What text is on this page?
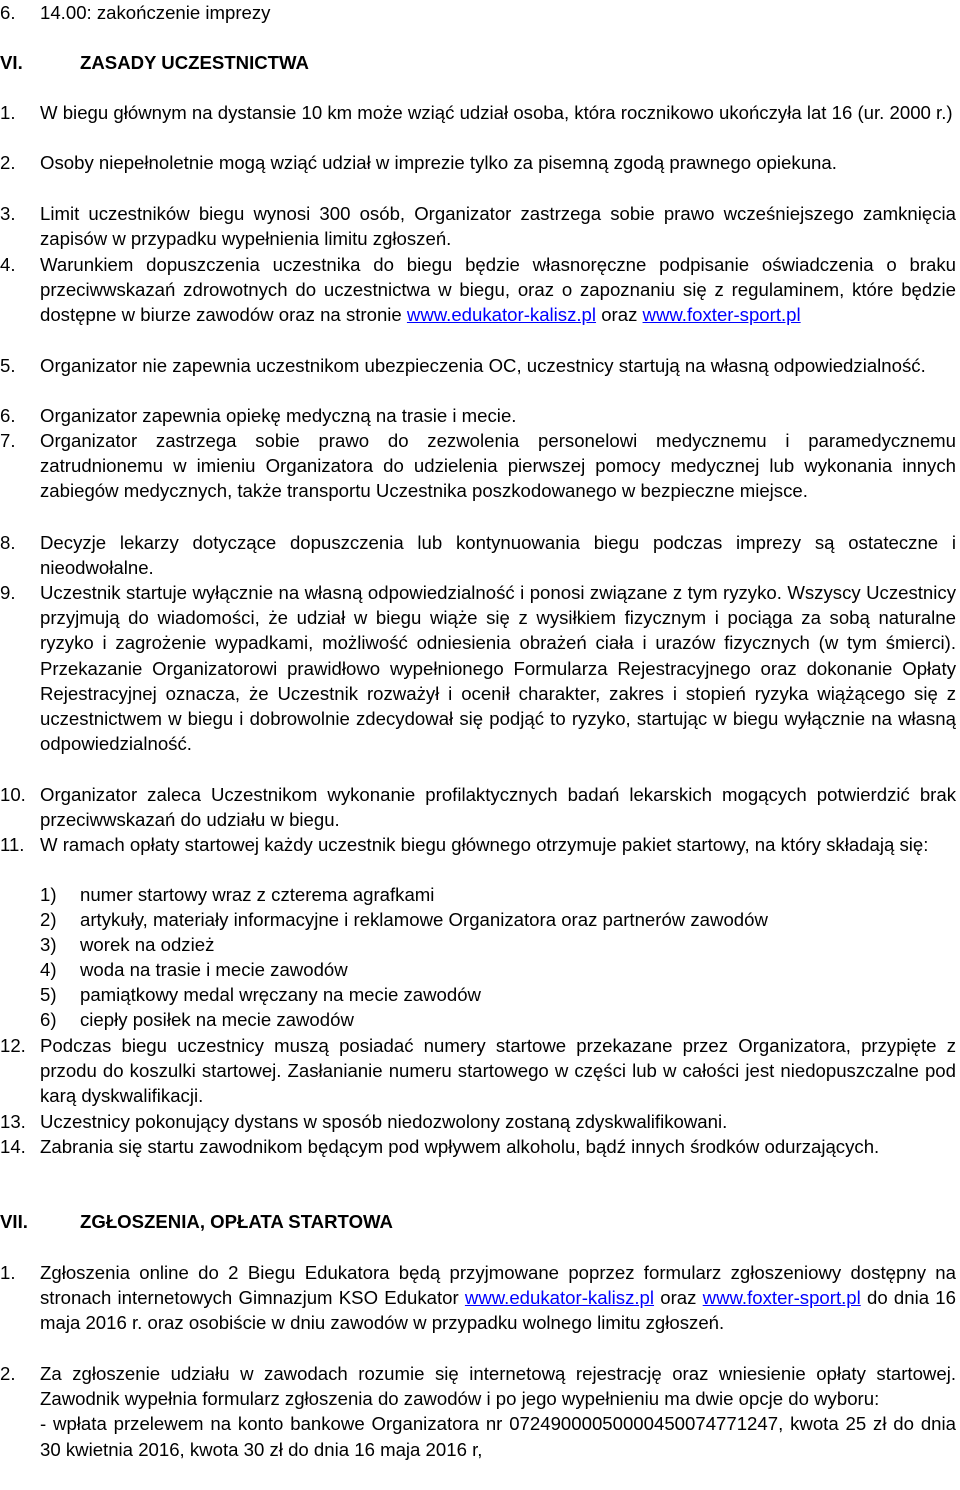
6. 14.00: zakończenie imprezy
VI.	ZASADY UCZESTNICTWA
1. W biegu głównym na dystansie 10 km może wziąć udział osoba, która rocznikowo ukończyła lat 16 (ur. 2000 r.)
2. Osoby niepełnoletnie mogą wziąć udział w imprezie tylko za pisemną zgodą prawnego opiekuna.
3. Limit uczestników biegu wynosi 300 osób, Organizator zastrzega sobie prawo wcześniejszego zamknięcia zapisów w przypadku wypełnienia limitu zgłoszeń.
4. Warunkiem dopuszczenia uczestnika do biegu będzie własnoręczne podpisanie oświadczenia o braku przeciwwskazań zdrowotnych do uczestnictwa w biegu, oraz o zapoznaniu się z regulaminem, które będzie dostępne w biurze zawodów oraz na stronie www.edukator-kalisz.pl oraz www.foxter-sport.pl
5. Organizator nie zapewnia uczestnikom ubezpieczenia OC, uczestnicy startują na własną odpowiedzialność.
6. Organizator zapewnia opiekę medyczną na trasie i mecie.
7. Organizator zastrzega sobie prawo do zezwolenia personelowi medycznemu i paramedycznemu zatrudnionemu w imieniu Organizatora do udzielenia pierwszej pomocy medycznej lub wykonania innych zabiegów medycznych, także transportu Uczestnika poszkodowanego w bezpieczne miejsce.
8. Decyzje lekarzy dotyczące dopuszczenia lub kontynuowania biegu podczas imprezy są ostateczne i nieodwołalne.
9. Uczestnik startuje wyłącznie na własną odpowiedzialność i ponosi związane z tym ryzyko. Wszyscy Uczestnicy przyjmują do wiadomości, że udział w biegu wiąże się z wysiłkiem fizycznym i pociąga za sobą naturalne ryzyko i zagrożenie wypadkami, możliwość odniesienia obrażeń ciała i urazów fizycznych (w tym śmierci). Przekazanie Organizatorowi prawidłowo wypełnionego Formularza Rejestracyjnego oraz dokonanie Opłaty Rejestracyjnej oznacza, że Uczestnik rozważył i ocenił charakter, zakres i stopień ryzyka wiążącego się z uczestnictwem w biegu i dobrowolnie zdecydował się podjąć to ryzyko, startując w biegu wyłącznie na własną odpowiedzialność.
10. Organizator zaleca Uczestnikom wykonanie profilaktycznych badań lekarskich mogących potwierdzić brak przeciwwskazań do udziału w biegu.
11. W ramach opłaty startowej każdy uczestnik biegu głównego otrzymuje pakiet startowy, na który składają się:
1) numer startowy wraz z czterema agrafkami
2) artykuły, materiały informacyjne i reklamowe Organizatora oraz partnerów zawodów
3) worek na odzież
4) woda na trasie i mecie zawodów
5) pamiątkowy medal wręczany na mecie zawodów
6) ciepły posiłek na mecie zawodów
12. Podczas biegu uczestnicy muszą posiadać numery startowe przekazane przez Organizatora, przypięte z przodu do koszulki startowej. Zasłanianie numeru startowego w części lub w całości jest niedopuszczalne pod karą dyskwalifikacji.
13. Uczestnicy pokonujący dystans w sposób niedozwolony zostaną zdyskwalifikowani.
14. Zabrania się startu zawodnikom będącym pod wpływem alkoholu, bądź innych środków odurzających.
VII.	ZGŁOSZENIA, OPŁATA STARTOWA
1. Zgłoszenia online do 2 Biegu Edukatora będą przyjmowane poprzez formularz zgłoszeniowy dostępny na stronach internetowych Gimnazjum KSO Edukator www.edukator-kalisz.pl oraz www.foxter-sport.pl do dnia 16 maja 2016 r. oraz osobiście w dniu zawodów w przypadku wolnego limitu zgłoszeń.
2. Za zgłoszenie udziału w zawodach rozumie się internetową rejestrację oraz wniesienie opłaty startowej. Zawodnik wypełnia formularz zgłoszenia do zawodów i po jego wypełnieniu ma dwie opcje do wyboru:
- wpłata przelewem na konto bankowe Organizatora nr 07249000050000450074771247, kwota 25 zł do dnia 30 kwietnia 2016, kwota 30 zł do dnia 16 maja 2016 r,
